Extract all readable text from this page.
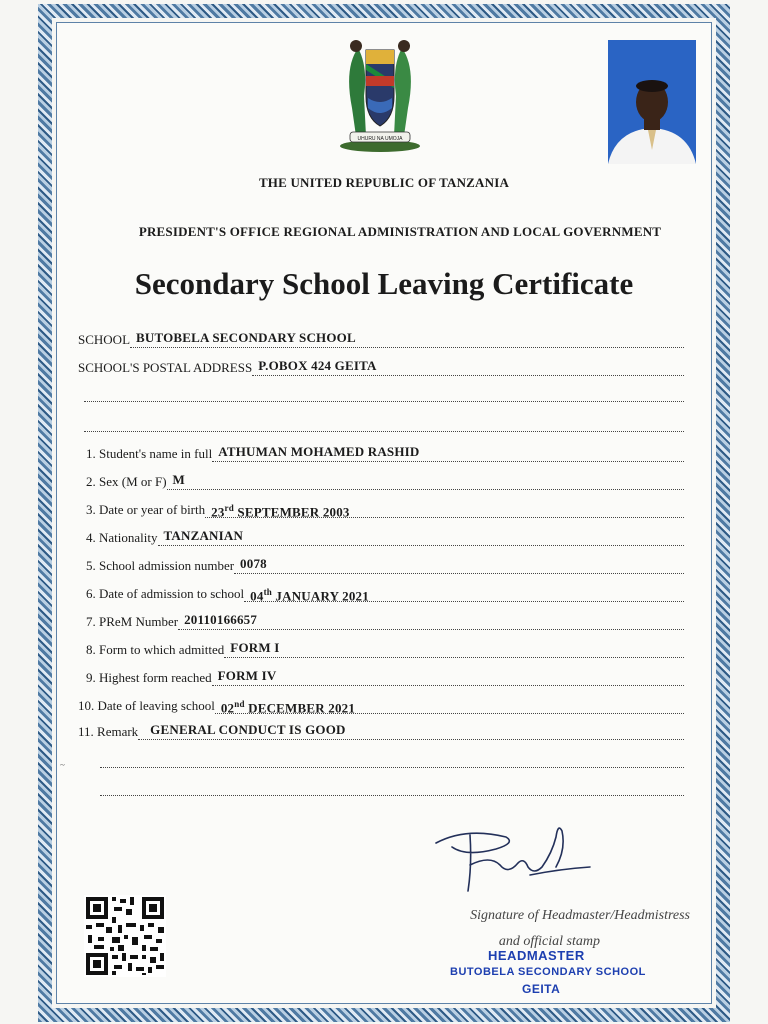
UHURU NA UMOJA
THE UNITED REPUBLIC OF TANZANIA
PRESIDENT'S OFFICE REGIONAL ADMINISTRATION AND LOCAL GOVERNMENT
Secondary School Leaving Certificate
SCHOOL BUTOBELA SECONDARY SCHOOL
SCHOOL'S POSTAL ADDRESS P.OBOX 424 GEITA
1. Student's name in full ATHUMAN MOHAMED RASHID
2. Sex (M or F) M
3. Date or year of birth 23rd SEPTEMBER 2003
4. Nationality TANZANIAN
5. School admission number 0078
6. Date of admission to school 04th JANUARY 2021
7. PReM Number 20110166657
8. Form to which admitted FORM I
9. Highest form reached FORM IV
10. Date of leaving school 02nd DECEMBER 2021
11. Remark GENERAL CONDUCT IS GOOD
Signature of Headmaster/Headmistress
and official stamp
HEADMASTER
BUTOBELA SECONDARY SCHOOL
GEITA
~
